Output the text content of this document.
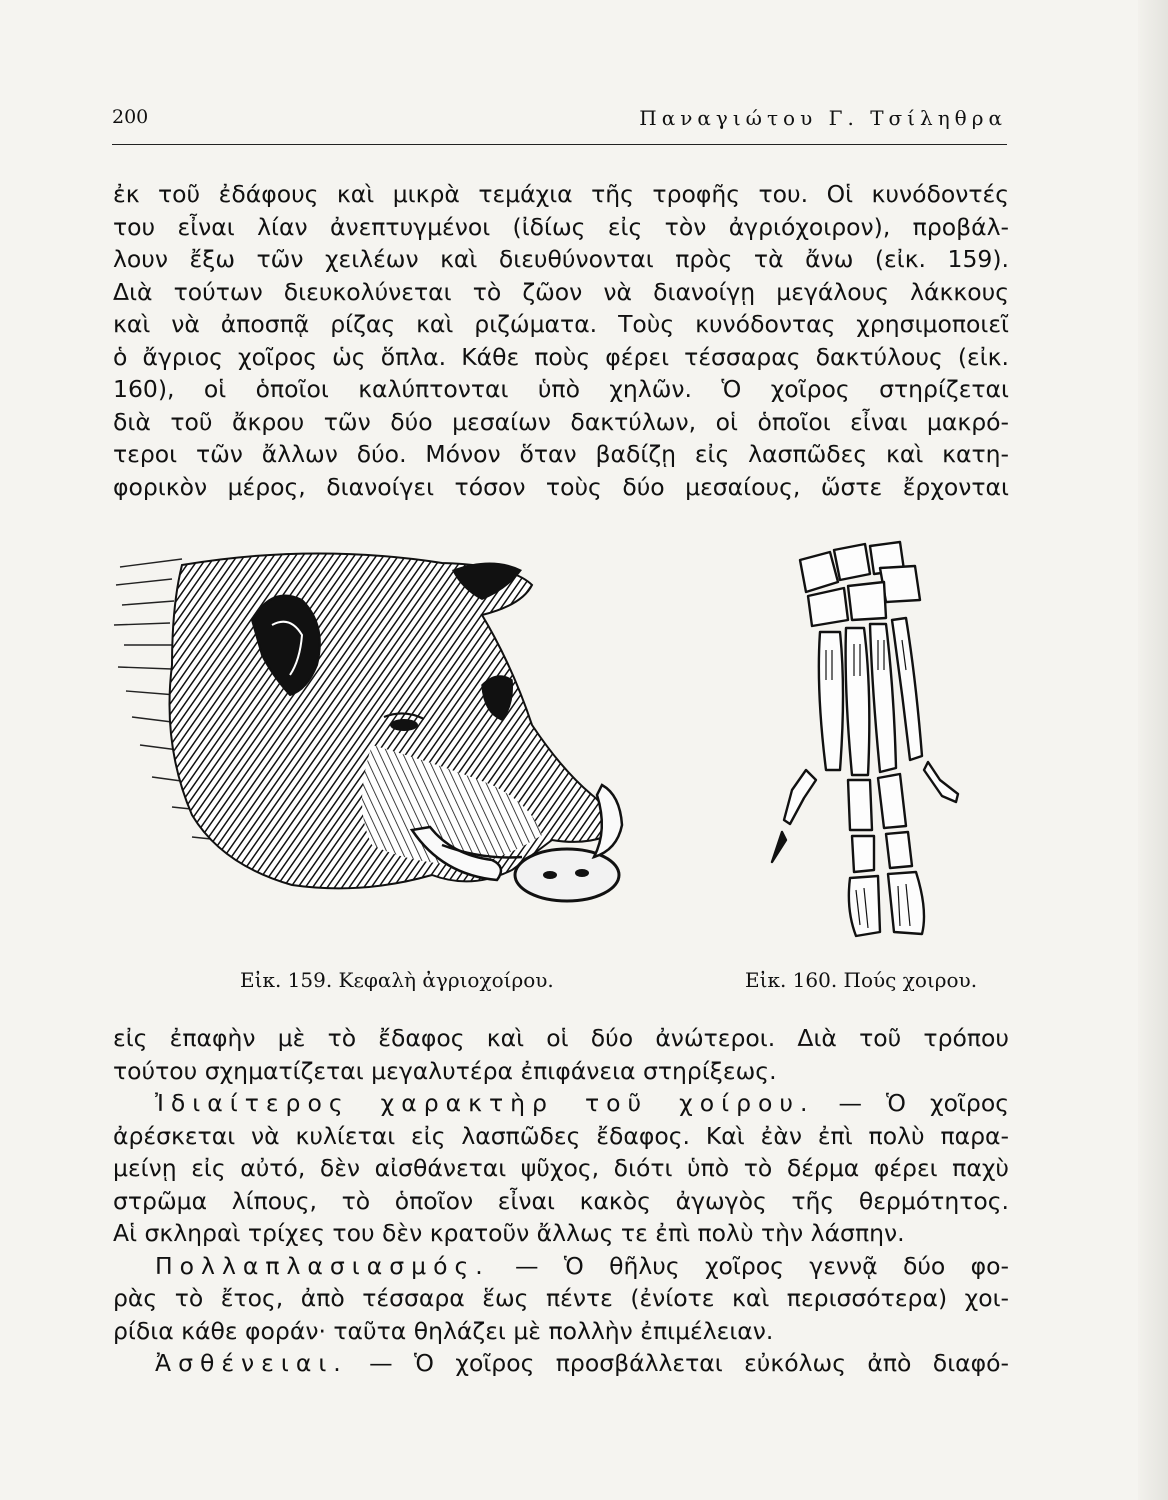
200	Παναγιώτου Γ. Τσίληθρα
ἐκ τοῦ ἐδάφους καὶ μικρὰ τεμάχια τῆς τροφῆς του. Οἱ κυνόδοντές
του εἶναι λίαν ἀνεπτυγμένοι (ἰδίως εἰς τὸν ἀγριόχοιρον), προβάλ-
λουν ἔξω τῶν χειλέων καὶ διευθύνονται πρὸς τὰ ἄνω (εἰκ. 159).
Διὰ τούτων διευκολύνεται τὸ ζῶον νὰ διανοίγῃ μεγάλους λάκκους
καὶ νὰ ἀποσπᾷ ρίζας καὶ ριζώματα. Τοὺς κυνόδοντας χρησιμοποιεῖ
ὁ ἄγριος χοῖρος ὡς ὅπλα. Κάθε ποὺς φέρει τέσσαρας δακτύλους (εἰκ.
160), οἱ ὁποῖοι καλύπτονται ὑπὸ χηλῶν. Ὁ χοῖρος στηρίζεται
διὰ τοῦ ἄκρου τῶν δύο μεσαίων δακτύλων, οἱ ὁποῖοι εἶναι μακρό-
τεροι τῶν ἄλλων δύο. Μόνον ὅταν βαδίζῃ εἰς λασπῶδες καὶ κατη-
φορικὸν μέρος, διανοίγει τόσον τοὺς δύο μεσαίους, ὥστε ἔρχονται
Εἰκ. 159. Κεφαλὴ ἀγριοχοίρου.	Εἰκ. 160. Πούς χοιρου.
εἰς ἐπαφὴν μὲ τὸ ἔδαφος καὶ οἱ δύο ἀνώτεροι. Διὰ τοῦ τρόπου
τούτου σχηματίζεται μεγαλυτέρα ἐπιφάνεια στηρίξεως.
Ἰδιαίτερος χαρακτὴρ τοῦ χοίρου. — Ὁ χοῖρος
ἀρέσκεται νὰ κυλίεται εἰς λασπῶδες ἔδαφος. Καὶ ἐὰν ἐπὶ πολὺ παρα-
μείνῃ εἰς αὐτό, δὲν αἰσθάνεται ψῦχος, διότι ὑπὸ τὸ δέρμα φέρει παχὺ
στρῶμα λίπους, τὸ ὁποῖον εἶναι κακὸς ἀγωγὸς τῆς θερμότητος.
Αἱ σκληραὶ τρίχες του δὲν κρατοῦν ἄλλως τε ἐπὶ πολὺ τὴν λάσπην.
Πολλαπλασιασμός. — Ὁ θῆλυς χοῖρος γεννᾷ δύο φο-
ρὰς τὸ ἔτος, ἀπὸ τέσσαρα ἕως πέντε (ἐνίοτε καὶ περισσότερα) χοι-
ρίδια κάθε φοράν· ταῦτα θηλάζει μὲ πολλὴν ἐπιμέλειαν.
Ἀσθένειαι. — Ὁ χοῖρος προσβάλλεται εὐκόλως ἀπὸ διαφό-
